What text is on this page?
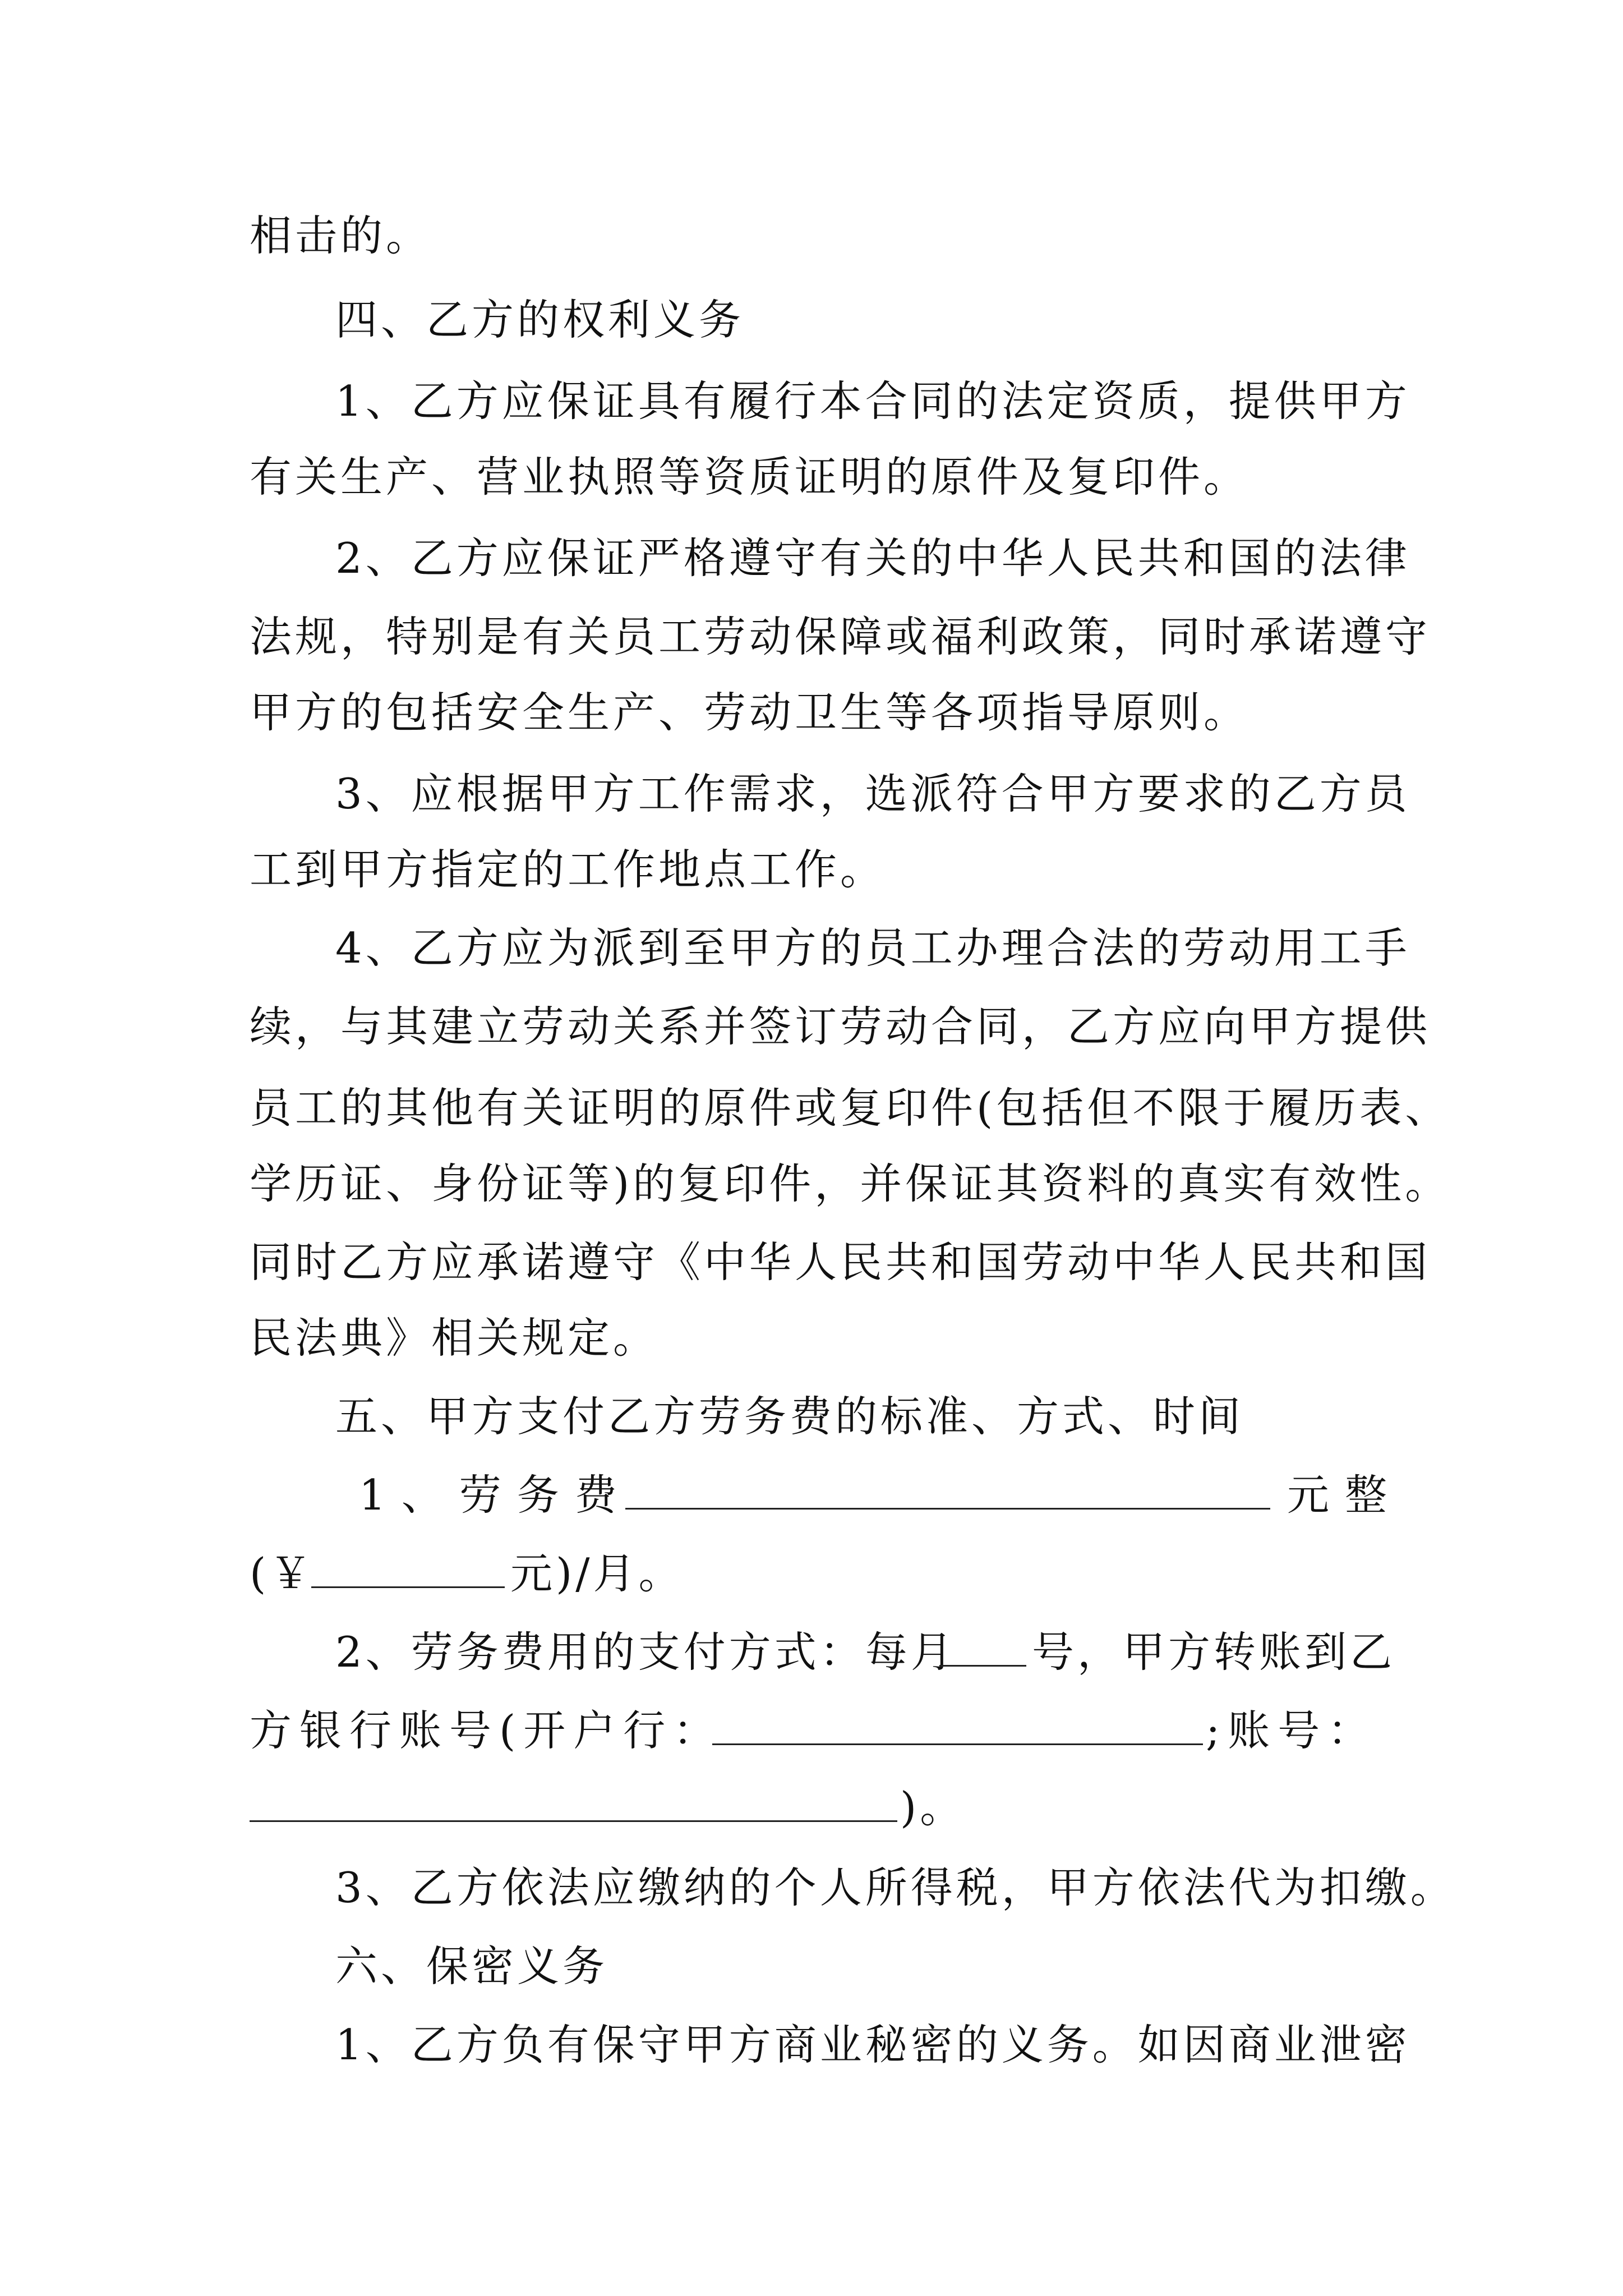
相击的。
四、乙方的权利义务
1、乙方应保证具有履行本合同的法定资质，提供甲方
有关生产、营业执照等资质证明的原件及复印件。
2、乙方应保证严格遵守有关的中华人民共和国的法律
法规，特别是有关员工劳动保障或福利政策，同时承诺遵守
甲方的包括安全生产、劳动卫生等各项指导原则。
3、应根据甲方工作需求，选派符合甲方要求的乙方员
工到甲方指定的工作地点工作。
4、乙方应为派到至甲方的员工办理合法的劳动用工手
续，与其建立劳动关系并签订劳动合同，乙方应向甲方提供
员工的其他有关证明的原件或复印件(包括但不限于履历表、
学历证、身份证等)的复印件，并保证其资料的真实有效性。
同时乙方应承诺遵守《中华人民共和国劳动中华人民共和国
民法典》相关规定。
五、甲方支付乙方劳务费的标准、方式、时间
1、劳务费	元整
(￥	元)/月。
2、劳务费用的支付方式：每月 号，甲方转账到乙
方银行账号(开户行：	;账号：
)。
3、乙方依法应缴纳的个人所得税，甲方依法代为扣缴。
六、保密义务
1、乙方负有保守甲方商业秘密的义务。如因商业泄密
